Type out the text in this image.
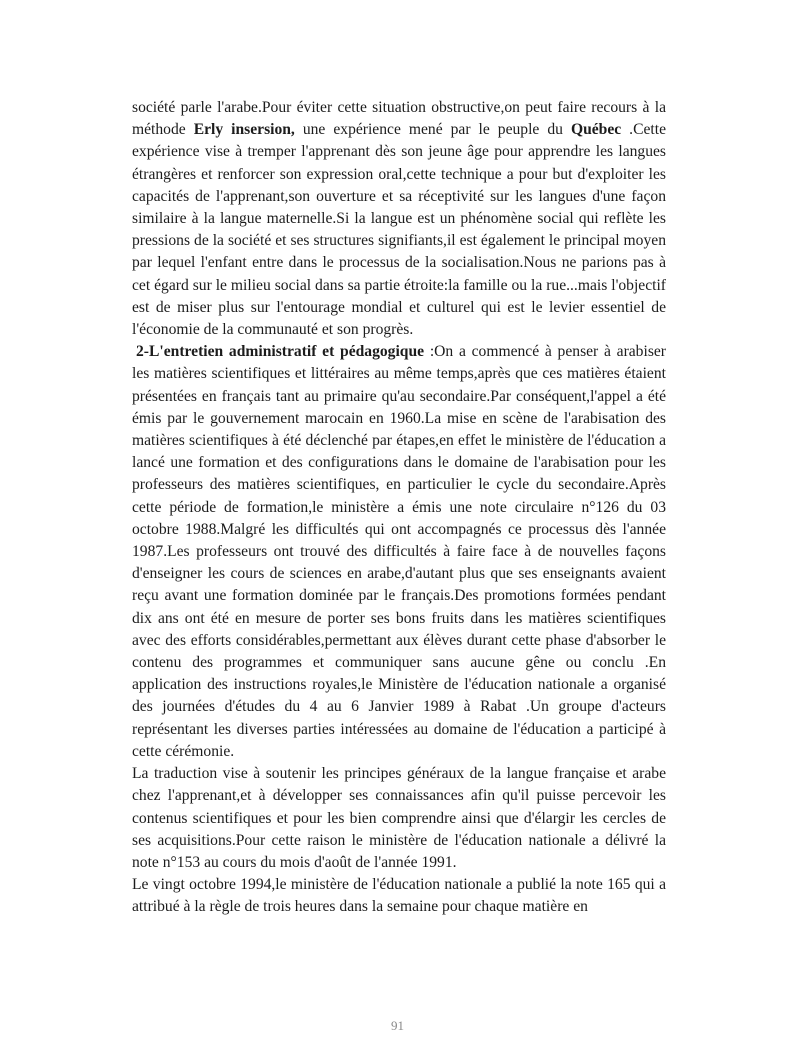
société parle l'arabe.Pour éviter cette situation obstructive,on peut faire recours à la méthode Erly insersion, une expérience mené par le peuple du Québec .Cette expérience vise à tremper l'apprenant dès son jeune âge pour apprendre les langues étrangères et renforcer son expression oral,cette technique a pour but d'exploiter les capacités de l'apprenant,son ouverture et sa réceptivité sur les langues d'une façon similaire à la langue maternelle.Si la langue est un phénomène social qui reflète les pressions de la société et ses structures signifiants,il est également le principal moyen par lequel l'enfant entre dans le processus de la socialisation.Nous ne parions pas à cet égard sur le milieu social dans sa partie étroite:la famille ou la rue...mais l'objectif est de miser plus sur l'entourage mondial et culturel qui est le levier essentiel de l'économie de la communauté et son progrès.

2-L'entretien administratif et pédagogique :On a commencé à penser à arabiser les matières scientifiques et littéraires au même temps,après que ces matières étaient présentées en français tant au primaire qu'au secondaire.Par conséquent,l'appel a été émis par le gouvernement marocain en 1960.La mise en scène de l'arabisation des matières scientifiques à été déclenché par étapes,en effet le ministère de l'éducation a lancé une formation et des configurations dans le domaine de l'arabisation pour les professeurs des matières scientifiques, en particulier le cycle du secondaire.Après cette période de formation,le ministère a émis une note circulaire n°126 du 03 octobre 1988.Malgré les difficultés qui ont accompagnés ce processus dès l'année 1987.Les professeurs ont trouvé des difficultés à faire face à de nouvelles façons d'enseigner les cours de sciences en arabe,d'autant plus que ses enseignants avaient reçu avant une formation dominée par le français.Des promotions formées pendant dix ans ont été en mesure de porter ses bons fruits dans les matières scientifiques avec des efforts considérables,permettant aux élèves durant cette phase d'absorber le contenu des programmes et communiquer sans aucune gêne ou conclu .En application des instructions royales,le Ministère de l'éducation nationale a organisé des journées d'études du 4 au 6 Janvier 1989 à Rabat .Un groupe d'acteurs représentant les diverses parties intéressées au domaine de l'éducation a participé à cette cérémonie.

La traduction vise à soutenir les principes généraux de la langue française et arabe chez l'apprenant,et à développer ses connaissances afin qu'il puisse percevoir les contenus scientifiques et pour les bien comprendre ainsi que d'élargir les cercles de ses acquisitions.Pour cette raison le ministère de l'éducation nationale a délivré la note n°153 au cours du mois d'août de l'année 1991.

Le vingt octobre 1994,le ministère de l'éducation nationale a publié la note 165 qui a attribué à la règle de trois heures dans la semaine pour chaque matière en

91
